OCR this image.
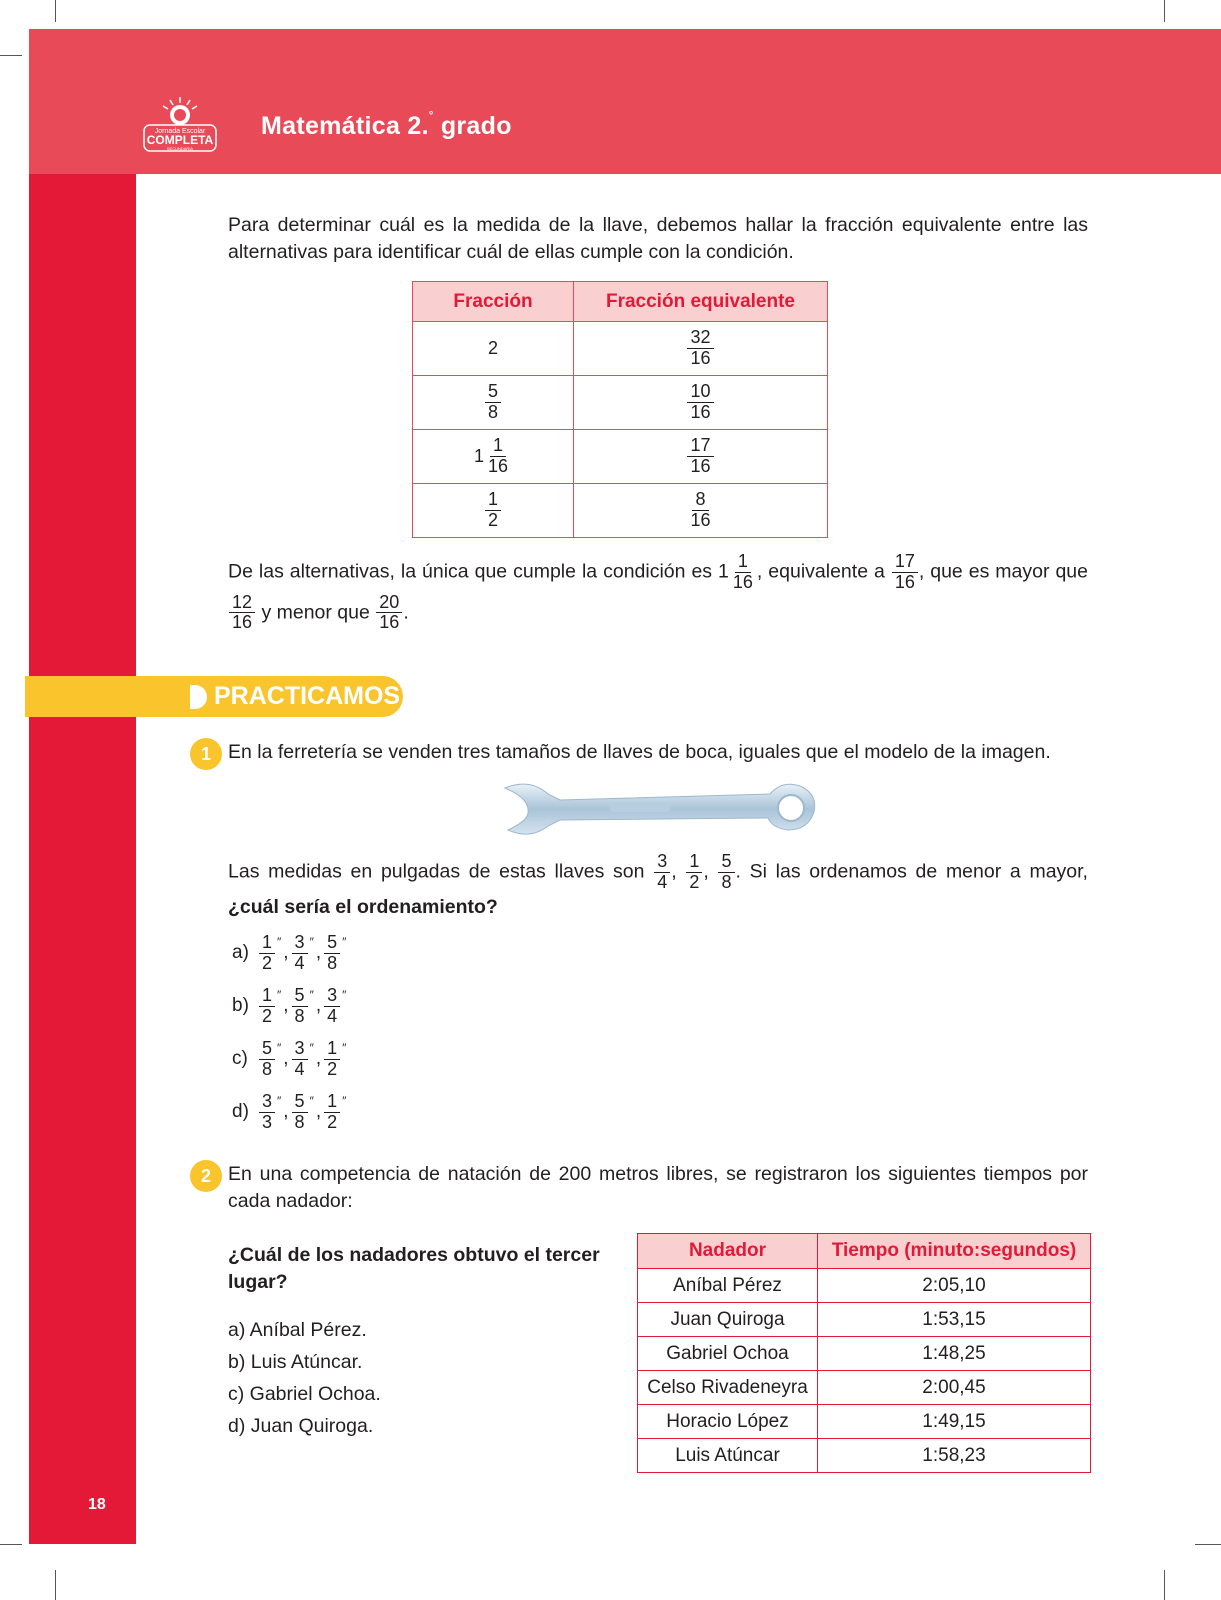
Jornada Escolar
COMPLETA
SECUNDARIA
Matemática 2.° grado
Para determinar cuál es la medida de la llave, debemos hallar la fracción equivalente entre las alternativas para identificar cuál de ellas cumple con la condición.
Fracción	Fracción equivalente
2	$\frac{32}{16}$

$\frac{5}{8}$	$\frac{10}{16}$

$1 \frac{1}{16}$	$\frac{17}{16}$

$\frac{1}{2}$	$\frac{8}{16}$
De las alternativas, la única que cumple la condición es $1 \frac{1}{16}$ , equivalente a $\frac{17}{16}$ , que es mayor que
$\frac{12}{16}$ y menor que $\frac{20}{16}$ .
PRACTICAMOS
1 En la ferretería se venden tres tamaños de llaves de boca, iguales que el modelo de la imagen.
Las medidas en pulgadas de estas llaves son $\frac{3}{4}$ , $\frac{1}{2}$ , $\frac{5}{8}$ . Si las ordenamos de menor a mayor, ¿cuál sería el ordenamiento?
$a) \frac{1}{2}$ ″
, $\frac{3}{4}$ ″
, $\frac{5}{8}$ ″
$b) \frac{1}{2}$ ″
, $\frac{5}{8}$ ″
, $\frac{3}{4}$ ″
$c) \frac{5}{8}$ ″
, $\frac{3}{4}$ ″
, $\frac{1}{2}$ ″
$d) \frac{3}{3}$ ″
, $\frac{5}{8}$ ″
, $\frac{1}{2}$ ″
2 En una competencia de natación de 200 metros libres, se registraron los siguientes tiempos por cada nadador:
¿Cuál de los nadadores obtuvo el tercer lugar?
a) Aníbal Pérez.
b) Luis Atúncar.
c) Gabriel Ochoa.
d) Juan Quiroga.
Nadador	Tiempo (minuto:segundos)
Aníbal Pérez	2:05,10
Juan Quiroga	1:53,15
Gabriel Ochoa	1:48,25
Celso Rivadeneyra	2:00,45
Horacio López	1:49,15
Luis Atúncar	1:58,23
18
